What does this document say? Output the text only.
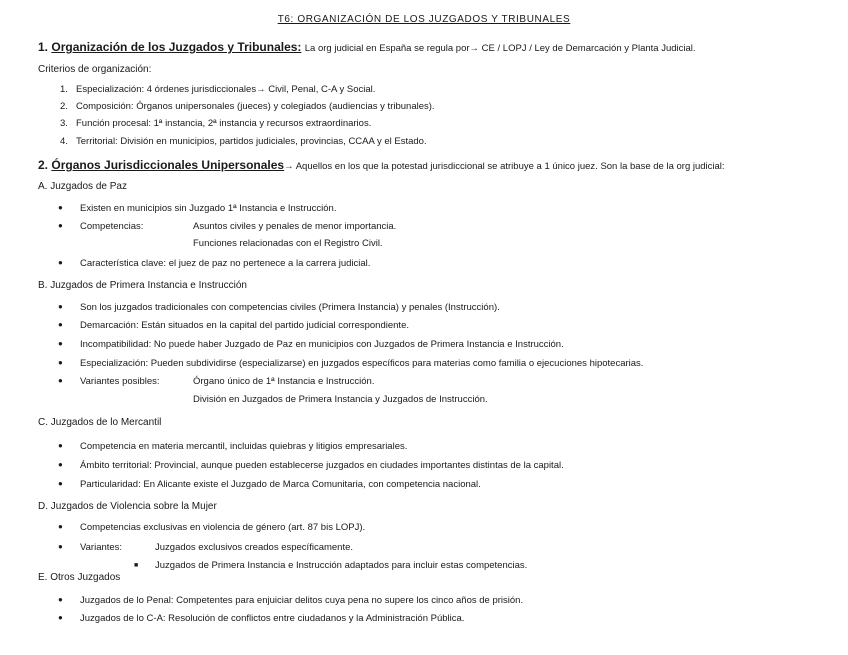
T6: ORGANIZACIÓN DE LOS JUZGADOS Y TRIBUNALES
1. Organización de los Juzgados y Tribunales: La org judicial en España se regula por→ CE / LOPJ / Ley de Demarcación y Planta Judicial.
Criterios de organización:
1. Especialización: 4 órdenes jurisdiccionales→ Civil, Penal, C-A y Social.
2. Composición: Órganos unipersonales (jueces) y colegiados (audiencias y tribunales).
3. Función procesal: 1ª instancia, 2ª instancia y recursos extraordinarios.
4. Territorial: División en municipios, partidos judiciales, provincias, CCAA y el Estado.
2. Órganos Jurisdiccionales Unipersonales→ Aquellos en los que la potestad jurisdiccional se atribuye a 1 único juez. Son la base de la org judicial:
A. Juzgados de Paz
● Existen en municipios sin Juzgado 1ª Instancia e Instrucción.
● Competencias:	Asuntos civiles y penales de menor importancia.
Funciones relacionadas con el Registro Civil.
● Característica clave: el juez de paz no pertenece a la carrera judicial.
B. Juzgados de Primera Instancia e Instrucción
● Son los juzgados tradicionales con competencias civiles (Primera Instancia) y penales (Instrucción).
● Demarcación: Están situados en la capital del partido judicial correspondiente.
● Incompatibilidad: No puede haber Juzgado de Paz en municipios con Juzgados de Primera Instancia e Instrucción.
● Especialización: Pueden subdividirse (especializarse) en juzgados específicos para materias como familia o ejecuciones hipotecarias.
● Variantes posibles:	Órgano único de 1ª Instancia e Instrucción.
División en Juzgados de Primera Instancia y Juzgados de Instrucción.
C. Juzgados de lo Mercantil
● Competencia en materia mercantil, incluidas quiebras y litigios empresariales.
● Ámbito territorial: Provincial, aunque pueden establecerse juzgados en ciudades importantes distintas de la capital.
● Particularidad: En Alicante existe el Juzgado de Marca Comunitaria, con competencia nacional.
D. Juzgados de Violencia sobre la Mujer
● Competencias exclusivas en violencia de género (art. 87 bis LOPJ).
● Variantes:	Juzgados exclusivos creados específicamente.
■ Juzgados de Primera Instancia e Instrucción adaptados para incluir estas competencias.
E. Otros Juzgados
● Juzgados de lo Penal: Competentes para enjuiciar delitos cuya pena no supere los cinco años de prisión.
● Juzgados de lo C-A: Resolución de conflictos entre ciudadanos y la Administración Pública.
